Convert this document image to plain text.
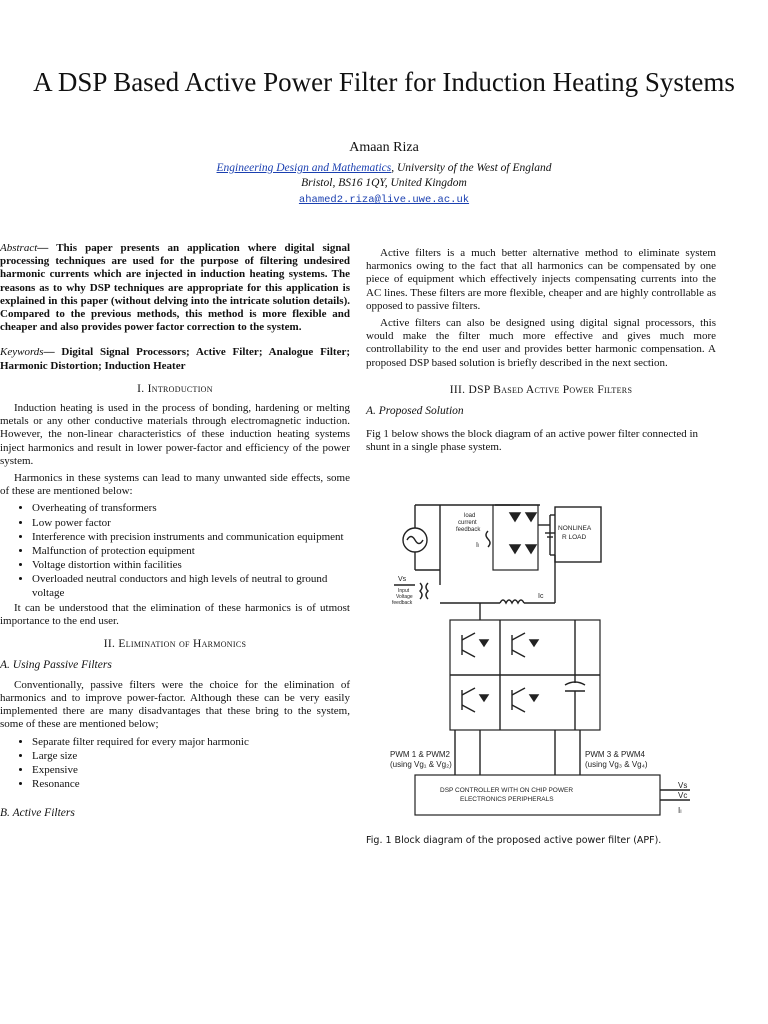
A DSP Based Active Power Filter for Induction Heating Systems
Amaan Riza
Engineering Design and Mathematics, University of the West of England
Bristol, BS16 1QY, United Kingdom
ahamed2.riza@live.uwe.ac.uk

Abstract— This paper presents an application where digital signal processing techniques are used for the purpose of filtering undesired harmonic currents which are injected in induction heating systems. The reasons as to why DSP techniques are appropriate for this application is explained in this paper (without delving into the intricate solution details). Compared to the previous methods, this method is more flexible and cheaper and also provides power factor correction to the system.

Keywords— Digital Signal Processors; Active Filter; Analogue Filter; Harmonic Distortion; Induction Heater

I. Introduction

Induction heating is used in the process of bonding, hardening or melting metals or any other conductive materials through electromagnetic induction. However, the non-linear characteristics of these induction heating systems inject harmonics and result in lower power-factor and efficiency of the power system.

Harmonics in these systems can lead to many unwanted side effects, some of these are mentioned below:

• Overheating of transformers
• Low power factor
• Interference with precision instruments and communication equipment
• Malfunction of protection equipment
• Voltage distortion within facilities
• Overloaded neutral conductors and high levels of neutral to ground voltage

It can be understood that the elimination of these harmonics is of utmost importance to the end user.

II. Elimination of Harmonics
A. Using Passive Filters

Conventionally, passive filters were the choice for the elimination of harmonics and to improve power-factor. Although these can be very easily implemented there are many disadvantages that these bring to the system, some of these are mentioned below;

• Separate filter required for every major harmonic
• Large size
• Expensive
• Resonance
B. Active Filters

Active filters is a much better alternative method to eliminate system harmonics owing to the fact that all harmonics can be compensated by one piece of equipment which effectively injects compensating currents into the AC lines. These filters are more flexible, cheaper and are highly controllable as opposed to passive filters.

Active filters can also be designed using digital signal processors, this would make the filter much more effective and gives much more controllability to the end user and provides better harmonic compensation. A proposed DSP based solution is briefly described in the next section.

III. DSP Based Active Power Filters
A. Proposed Solution

Fig 1 below shows the block diagram of an active power filter connected in shunt in a single phase system.

load
current
feedback
Iₗ
NONLINEA
R LOAD
Vs
Input
Voltage
feedback
Ic
PWM 1 & PWM2
(using Vg₁ & Vg₂)
PWM 3 & PWM4
(using Vg₃ & Vg₄)
DSP CONTROLLER WITH ON CHIP POWER
ELECTRONICS PERIPHERALS
Vs
Vc
Iₗ
Fig. 1 Block diagram of the proposed active power filter (APF).
